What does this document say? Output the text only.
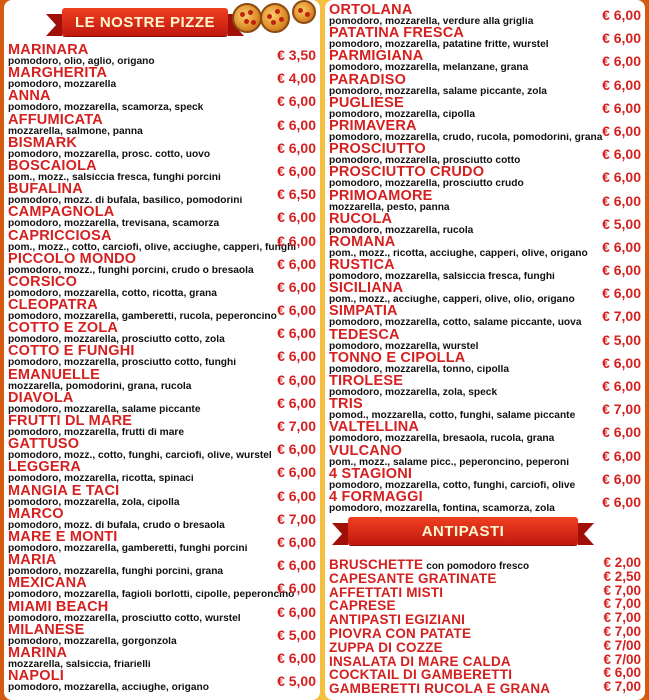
LE NOSTRE PIZZE
ANTIPASTI
MARINARA
pomodoro, olio, aglio, origano	€ 3,50
MARGHERITA
pomodoro, mozzarella	€ 4,00
ANNA
pomodoro, mozzarella, scamorza, speck	€ 6,00
AFFUMICATA
mozzarella, salmone, panna	€ 6,00
BISMARK
pomodoro, mozzarella, prosc. cotto, uovo	€ 6,00
BOSCAIOLA
pom., mozz., salsiccia fresca, funghi porcini	€ 6,00
BUFALINA
pomodoro, mozz. di bufala, basilico, pomodorini	€ 6,50
CAMPAGNOLA
pomodoro, mozzarella, trevisana, scamorza	€ 6,00
CAPRICCIOSA
pom., mozz., cotto, carciofi, olive, acciughe, capperi, funghi
€ 6,00
PICCOLO MONDO
pomodoro, mozz., funghi porcini, crudo o bresaola	€ 6,00
CORSICO
pomodoro, mozzarella, cotto, ricotta, grana	€ 6,00
CLEOPATRA
pomodoro, mozzarella, gamberetti, rucola, peperoncino € 6,00
COTTO E ZOLA
pomodoro, mozzarella, prosciutto cotto, zola	€ 6,00
COTTO E FUNGHI
pomodoro, mozzarella, prosciutto cotto, funghi	€ 6,00
EMANUELLE
mozzarella, pomodorini, grana, rucola	€ 6,00
DIAVOLA
pomodoro, mozzarella, salame piccante	€ 6,00
FRUTTI DL MARE
pomodoro, mozzarella, frutti di mare	€ 7,00
GATTUSO
pomodoro, mozz., cotto, funghi, carciofi, olive, wurstel € 6,00
LEGGERA
pomodoro, mozzarella, ricotta, spinaci	€ 6,00
MANGIA E TACI
pomodoro, mozzarella, zola, cipolla	€ 6,00
MARCO
pomodoro, mozz. di bufala, crudo o bresaola	€ 7,00
MARE E MONTI
pomodoro, mozzarella, gamberetti, funghi porcini	€ 6,00
MARIA
pomodoro, mozzarella, funghi porcini, grana	€ 6,00
MEXICANA
pomodoro, mozzarella, fagioli borlotti, cipolle, peperoncino
€ 6,00
MIAMI BEACH
pomodoro, mozzarella, prosciutto cotto, wurstel	€ 6,00
MILANESE
pomodoro, mozzarella, gorgonzola	€ 5,00
MARINA
mozzarella, salsiccia, friarielli	€ 6,00
NAPOLI
pomodoro, mozzarella, acciughe, origano	€ 5,00
ORTOLANA
pomodoro, mozzarella, verdure alla griglia	€ 6,00
PATATINA FRESCA
pomodoro, mozzarella, patatine fritte, wurstel	€ 6,00
PARMIGIANA
pomodoro, mozzarella, melanzane, grana	€ 6,00
PARADISO
pomodoro, mozzarella, salame piccante, zola	€ 6,00
PUGLIESE
pomodoro, mozzarella, cipolla	€ 6,00
PRIMAVERA
pomodoro, mozzarella, crudo, rucola, pomodorini, grana € 6,00
PROSCIUTTO
pomodoro, mozzarella, prosciutto cotto	€ 6,00
PROSCIUTTO CRUDO
pomodoro, mozzarella, prosciutto crudo	€ 6,00
PRIMOAMORE
mozzarella, pesto, panna	€ 6,00
RUCOLA
pomodoro, mozzarella, rucola	€ 5,00
ROMANA
pom., mozz., ricotta, acciughe, capperi, olive, origano	€ 6,00
RUSTICA
pomodoro, mozzarella, salsiccia fresca, funghi	€ 6,00
SICILIANA
pom., mozz., acciughe, capperi, olive, olio, origano	€ 6,00
SIMPATIA
pomodoro, mozzarella, cotto, salame piccante, uova	€ 7,00
TEDESCA
pomodoro, mozzarella, wurstel	€ 5,00
TONNO E CIPOLLA
pomodoro, mozzarella, tonno, cipolla	€ 6,00
TIROLESE
pomodoro, mozzarella, zola, speck	€ 6,00
TRIS
pomod., mozzarella, cotto, funghi, salame piccante	€ 7,00
VALTELLINA
pomodoro, mozzarella, bresaola, rucola, grana	€ 6,00
VULCANO
pom., mozz., salame picc., peperoncino, peperoni	€ 6,00
4 STAGIONI
pomodoro, mozzarella, cotto, funghi, carciofi, olive	€ 6,00
4 FORMAGGI
pomodoro, mozzarella, fontina, scamorza, zola	€ 6,00
BRUSCHETTE con pomodoro fresco	€ 2,00
CAPESANTE GRATINATE	€ 2,50
AFFETTATI MISTI	€ 7,00
CAPRESE	€ 7,00
ANTIPASTI EGIZIANI	€ 7,00
PIOVRA CON PATATE	€ 7,00
ZUPPA DI COZZE	€ 7/00
INSALATA DI MARE CALDA	€ 7/00
COCKTAIL DI GAMBERETTI	€ 6,00
GAMBERETTI RUCOLA E GRANA	€ 7,00
